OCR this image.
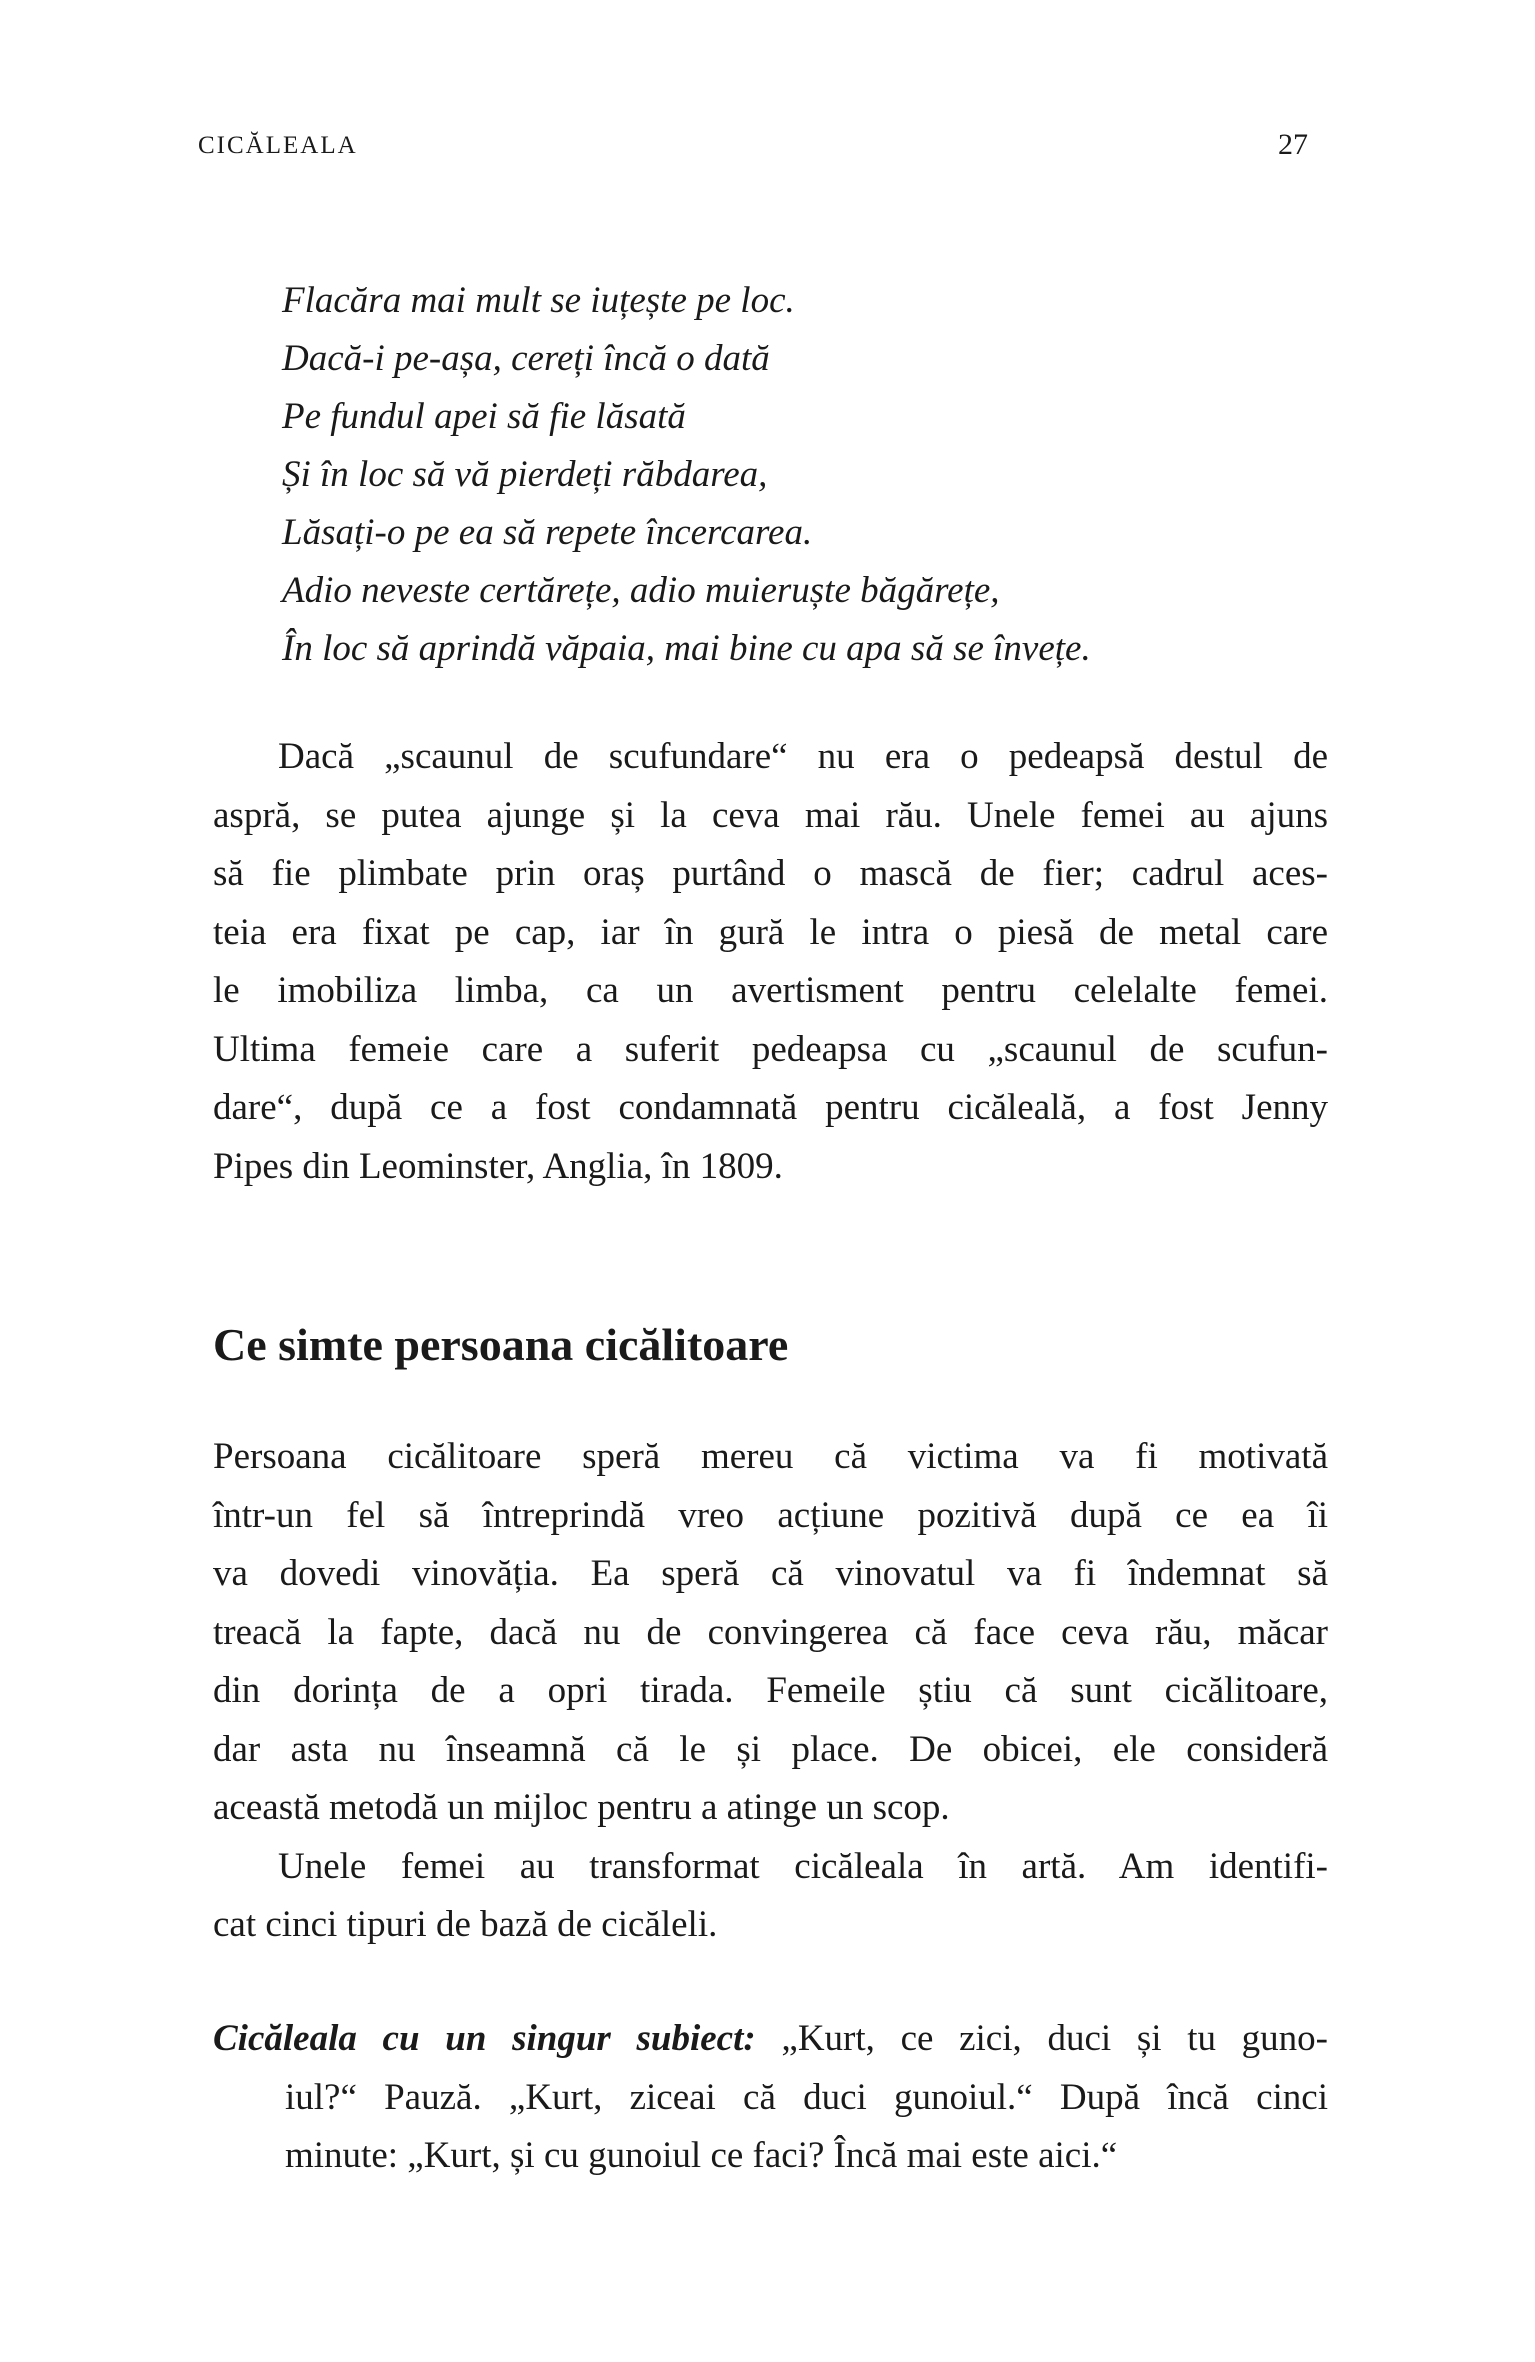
CICĂLEALA	27
Flacăra mai mult se iuțește pe loc.
Dacă-i pe-așa, cereți încă o dată
Pe fundul apei să fie lăsată
Și în loc să vă pierdeți răbdarea,
Lăsați-o pe ea să repete încercarea.
Adio neveste certărețe, adio muieruște băgărețe,
În loc să aprindă văpaia, mai bine cu apa să se învețe.
Dacă „scaunul de scufundare“ nu era o pedeapsă destul de
aspră, se putea ajunge și la ceva mai rău. Unele femei au ajuns
să fie plimbate prin oraș purtând o mască de fier; cadrul aces-
teia era fixat pe cap, iar în gură le intra o piesă de metal care
le imobiliza limba, ca un avertisment pentru celelalte femei.
Ultima femeie care a suferit pedeapsa cu „scaunul de scufun-
dare“, după ce a fost condamnată pentru cicăleală, a fost Jenny
Pipes din Leominster, Anglia, în 1809.
Ce simte persoana cicălitoare
Persoana cicălitoare speră mereu că victima va fi motivată
într-un fel să întreprindă vreo acțiune pozitivă după ce ea îi
va dovedi vinovăția. Ea speră că vinovatul va fi îndemnat să
treacă la fapte, dacă nu de convingerea că face ceva rău, măcar
din dorința de a opri tirada. Femeile știu că sunt cicălitoare,
dar asta nu înseamnă că le și place. De obicei, ele consideră
această metodă un mijloc pentru a atinge un scop.
Unele femei au transformat cicăleala în artă. Am identifi-
cat cinci tipuri de bază de cicăleli.
Cicăleala cu un singur subiect: „Kurt, ce zici, duci și tu guno-
iul?“ Pauză. „Kurt, ziceai că duci gunoiul.“ După încă cinci
minute: „Kurt, și cu gunoiul ce faci? Încă mai este aici.“
